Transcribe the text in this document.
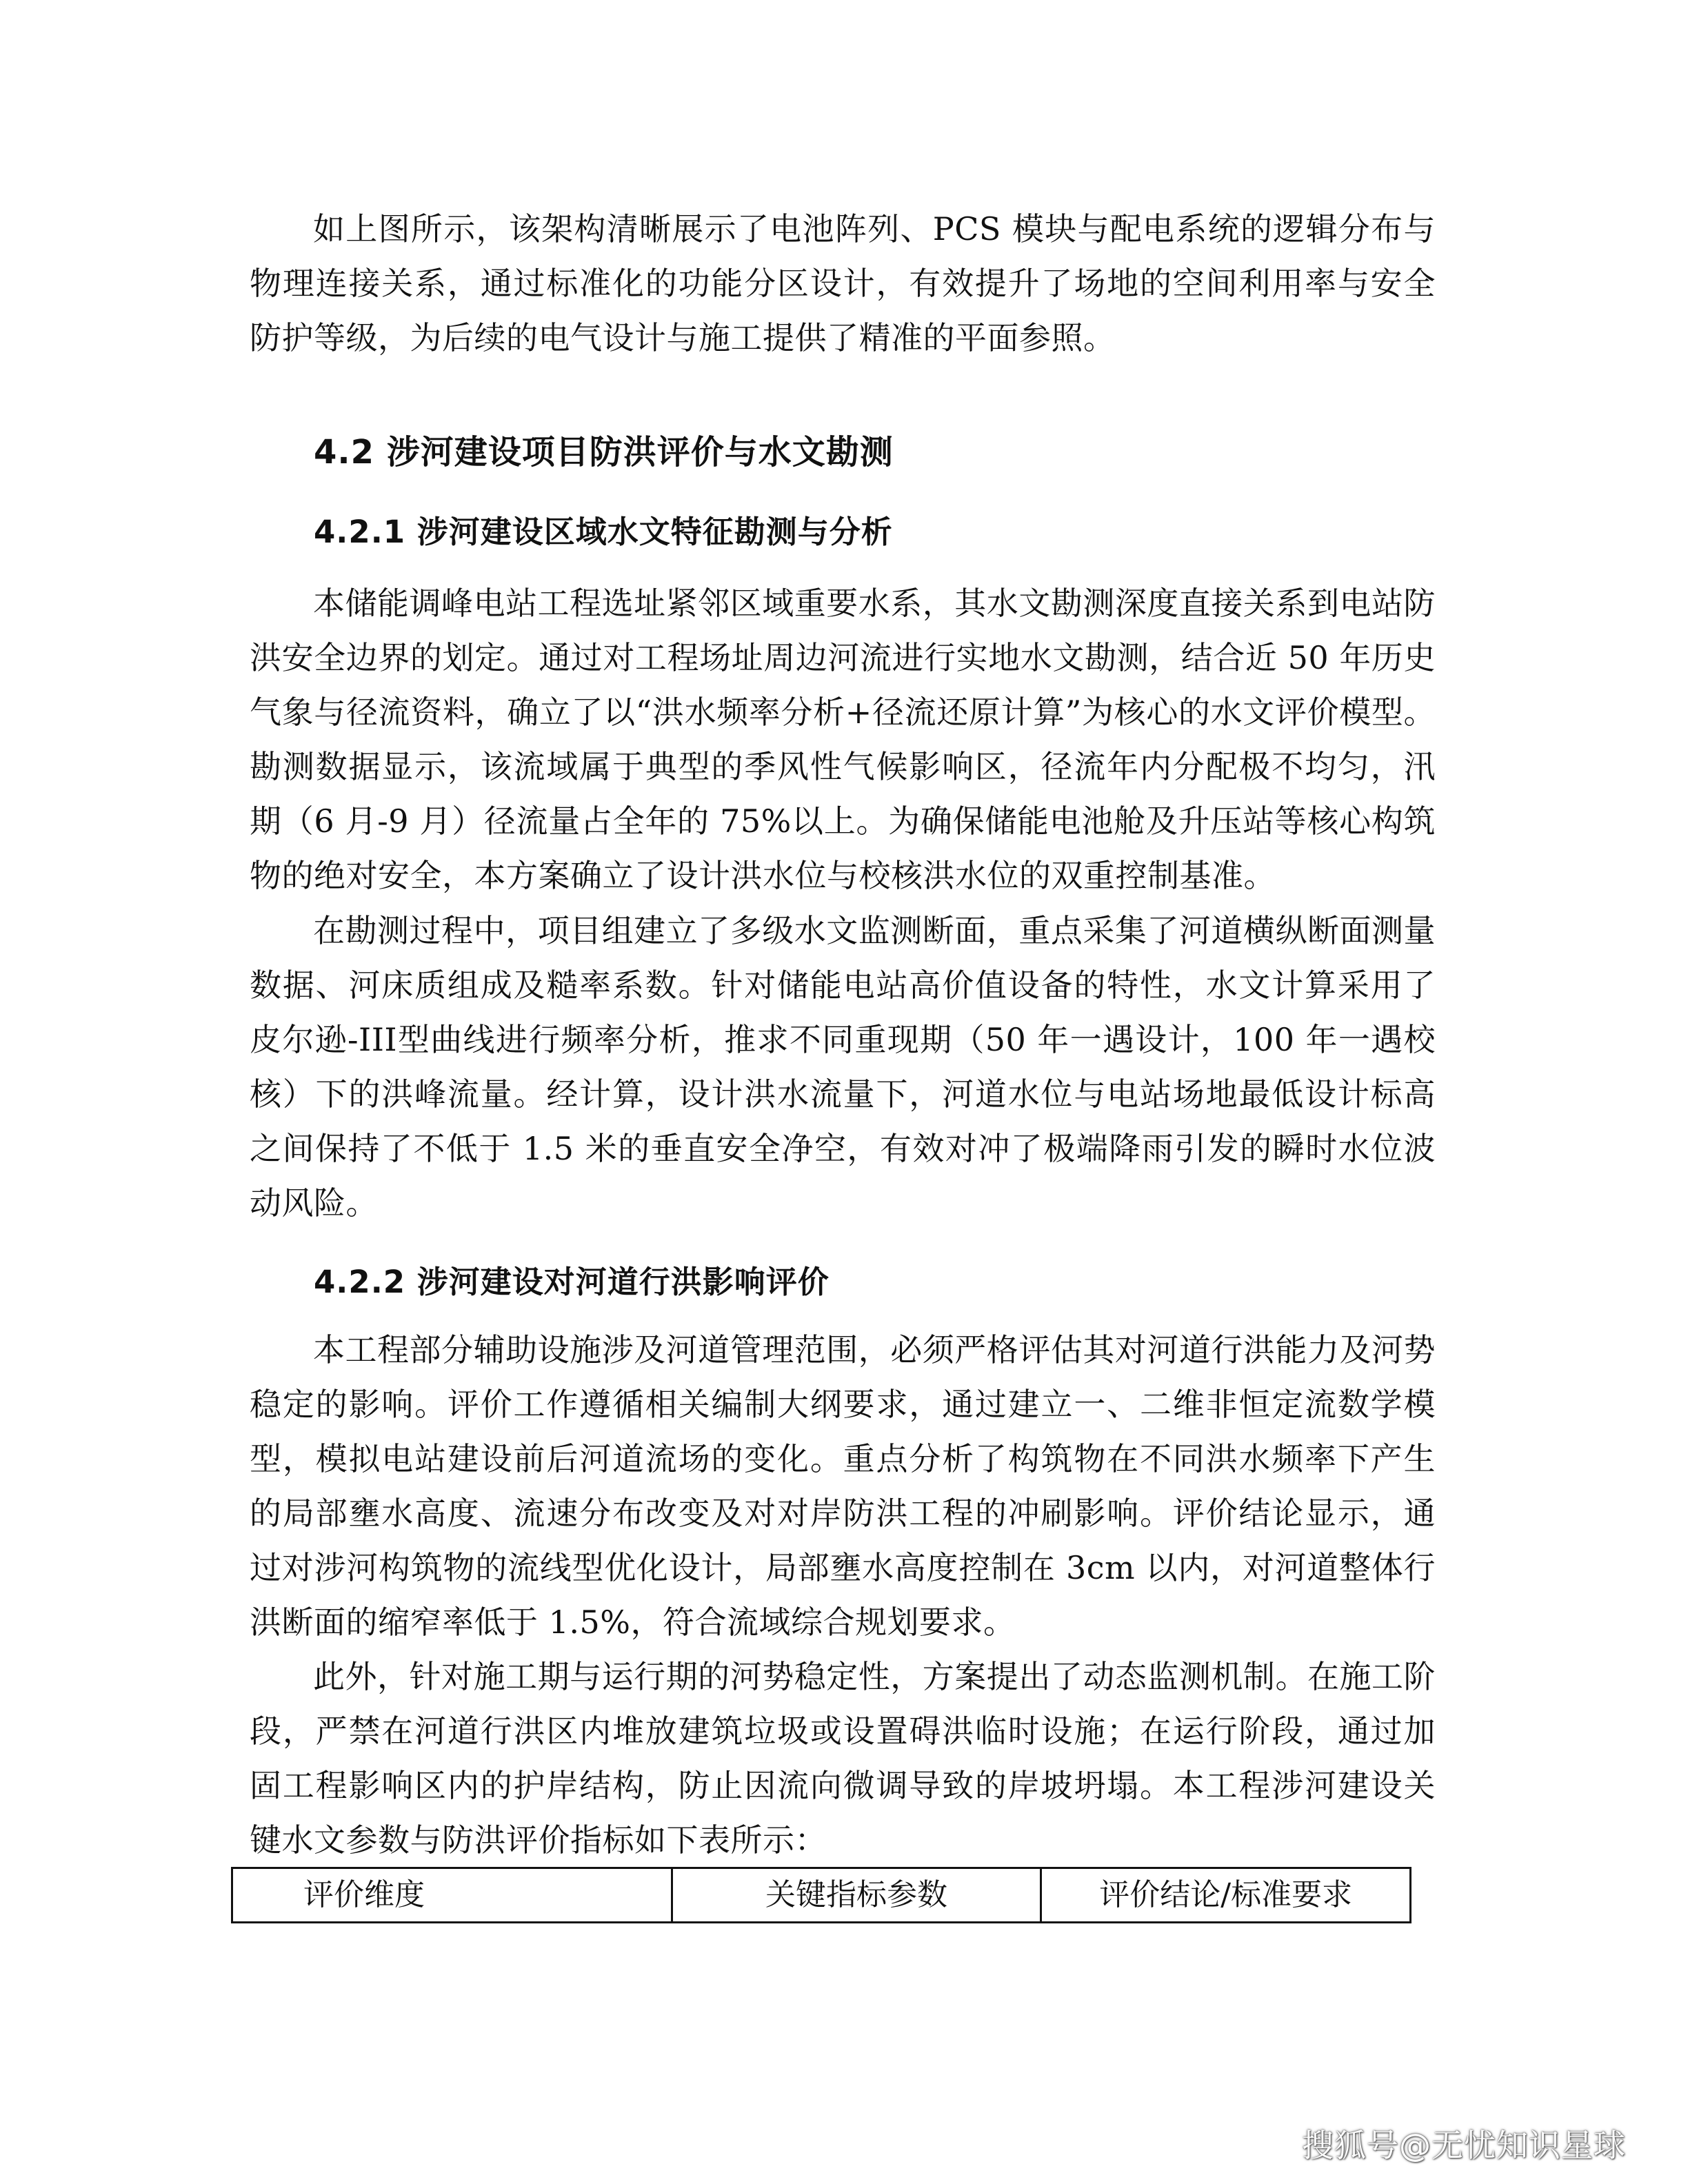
如上图所示，该架构清晰展示了电池阵列、PCS 模块与配电系统的逻辑分布与物理连接关系，通过标准化的功能分区设计，有效提升了场地的空间利用率与安全防护等级，为后续的电气设计与施工提供了精准的平面参照。

4.2 涉河建设项目防洪评价与水文勘测
4.2.1 涉河建设区域水文特征勘测与分析

本储能调峰电站工程选址紧邻区域重要水系，其水文勘测深度直接关系到电站防洪安全边界的划定。通过对工程场址周边河流进行实地水文勘测，结合近 50 年历史气象与径流资料，确立了以“洪水频率分析+径流还原计算”为核心的水文评价模型。勘测数据显示，该流域属于典型的季风性气候影响区，径流年内分配极不均匀，汛期（6 月-9 月）径流量占全年的 75%以上。为确保储能电池舱及升压站等核心构筑物的绝对安全，本方案确立了设计洪水位与校核洪水位的双重控制基准。

在勘测过程中，项目组建立了多级水文监测断面，重点采集了河道横纵断面测量数据、河床质组成及糙率系数。针对储能电站高价值设备的特性，水文计算采用了皮尔逊-III型曲线进行频率分析，推求不同重现期（50 年一遇设计，100 年一遇校核）下的洪峰流量。经计算，设计洪水流量下，河道水位与电站场地最低设计标高之间保持了不低于 1.5 米的垂直安全净空，有效对冲了极端降雨引发的瞬时水位波动风险。

4.2.2 涉河建设对河道行洪影响评价

本工程部分辅助设施涉及河道管理范围，必须严格评估其对河道行洪能力及河势稳定的影响。评价工作遵循相关编制大纲要求，通过建立一、二维非恒定流数学模型，模拟电站建设前后河道流场的变化。重点分析了构筑物在不同洪水频率下产生的局部壅水高度、流速分布改变及对对岸防洪工程的冲刷影响。评价结论显示，通过对涉河构筑物的流线型优化设计，局部壅水高度控制在 3cm 以内，对河道整体行洪断面的缩窄率低于 1.5%，符合流域综合规划要求。

此外，针对施工期与运行期的河势稳定性，方案提出了动态监测机制。在施工阶段，严禁在河道行洪区内堆放建筑垃圾或设置碍洪临时设施；在运行阶段，通过加固工程影响区内的护岸结构，防止因流向微调导致的岸坡坍塌。本工程涉河建设关键水文参数与防洪评价指标如下表所示：

评价维度	关键指标参数	评价结论/标准要求
搜狐号@无忧知识星球
